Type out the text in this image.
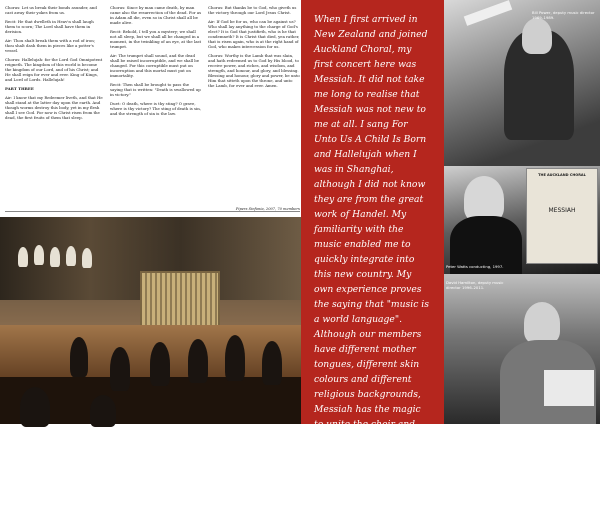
Chorus: Let us break their bonds asunder, and cast away their yokes from us.

Recit: He that dwelleth in Heav'n shall laugh them to scorn; The Lord shall have them in derision.

Air: Thou shalt break them with a rod of iron; thou shalt dash them in pieces like a potter's vessel.

Chorus: Hallelujah: for the Lord God Omnipotent reigneth. The kingdom of this world is become the kingdom of our Lord, and of his Christ; and He shall reign for ever and ever. King of Kings, and Lord of Lords. Hallelujah!

PART THREE

Air: I know that my Redeemer liveth, and that He shall stand at the latter day upon the earth. And though worms destroy this body, yet in my flesh shall I see God. For now is Christ risen from the dead, the first fruits of them that sleep.

Chorus: Since by man came death, by man came also the resurrection of the dead. For as in Adam all die, even so in Christ shall all be made alive.

Recit: Behold, I tell you a mystery; we shall not all sleep, but we shall all be changed in a moment, in the twinkling of an eye, at the last trumpet.

Air: The trumpet shall sound, and the dead shall be raised incorruptible, and we shall be changed. For this corruptible must put on incorruption and this mortal must put on immortality.

Recit: Then shall be brought to pass the saying that is written: "Death is swallowed up in victory."

Duet: O death, where is thy sting? O grave, where is thy victory? The sting of death is sin, and the strength of sin is the law.

Chorus: But thanks be to God, who giveth us the victory through our Lord Jesus Christ.

Air: If God be for us, who can be against us? Who shall lay anything to the charge of God's elect? It is God that justifieth, who is he that condemneth? It is Christ that died, yea rather, that is risen again, who is at the right hand of God, who makes intercession for us.

Chorus: Worthy is the Lamb that was slain, and hath redeemed us to God by His blood, to receive power, and riches, and wisdom, and strength, and honour, and glory, and blessing. Blessing and honour, glory and power, be unto Him that sitteth upon the throne, and unto the Lamb, for ever and ever. Amen.

Pipers Sinfonia, 2007, 70 members

When I first arrived in New Zealand and joined Auckland Choral, my first concert here was Messiah. It did not take me long to realise that Messiah was not new to me at all. I sang For Unto Us A Child Is Born and Hallelujah when I was in Shanghai, although I did not know they are from the great work of Handel. My familiarity with the music enabled me to quickly integrate into this new country. My own experience proves the saying that "music is a world language". Although our members have different mother tongues, different skin colours and different religious backgrounds, Messiah has the magic to unite the choir and audience to celebrate Christmas and show how we love our lives and how we integrate as Kiwis in this lovely country.

ANNA ZHANG, ALTO

Bill Power, deputy music director 1969–1989.
THE AUCKLAND CHORAL
MESSIAH
Peter Watts conducting, 1997.
David Hamilton, deputy music director 1996–2011.
